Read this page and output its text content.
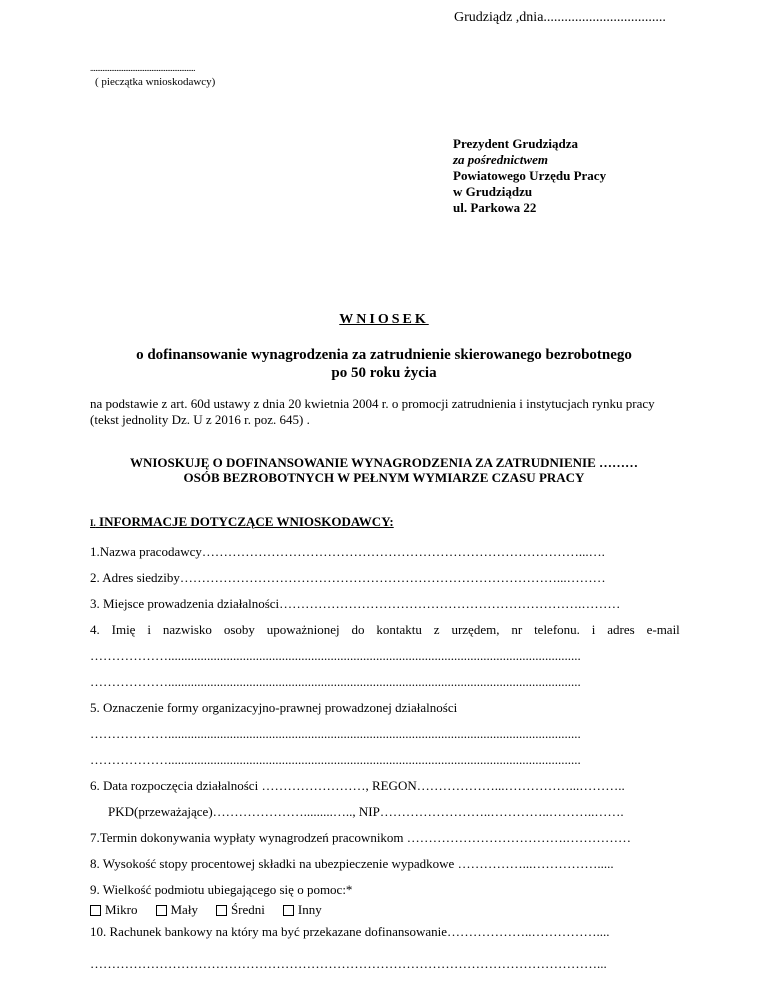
Grudziądz ,dnia...................................
............................................................
( pieczątka wnioskodawcy)
Prezydent Grudziądza
za pośrednictwem
Powiatowego Urzędu Pracy
w Grudziądzu
ul. Parkowa 22
WNIOSEK
o dofinansowanie wynagrodzenia za zatrudnienie skierowanego bezrobotnego
po 50 roku życia
na podstawie z art. 60d ustawy z dnia 20 kwietnia 2004 r. o promocji zatrudnienia i instytucjach rynku pracy (tekst jednolity Dz. U z 2016 r. poz. 645) .
WNIOSKUJĘ O DOFINANSOWANIE WYNAGRODZENIA ZA ZATRUDNIENIE ………
OSÓB BEZROBOTNYCH W PEŁNYM WYMIARZE CZASU PRACY
I. INFORMACJE DOTYCZĄCE WNIOSKODAWCY:
1.Nazwa pracodawcy……………………………………………………………………………...….
2. Adres siedziby……………………………………………………………………………...………
3. Miejsce prowadzenia działalności…………………………………………………………….………
4. Imię i nazwisko osoby upoważnionej do kontaktu z urzędem, nr telefonu. i adres e-mail
………………...............................................................................................................................
………………...............................................................................................................................
5. Oznaczenie formy organizacyjno-prawnej prowadzonej działalności
………………...............................................................................................................................
………………...............................................................................................................................
6. Data rozpoczęcia działalności ……………………, REGON………………...……………...………..
PKD(przeważające)………………….........….., NIP……………………..…………..………..…….
7.Termin dokonywania wypłaty wynagrodzeń pracownikom ……………………………….……………
8. Wysokość stopy procentowej składki na ubezpieczenie wypadkowe ……………...…………….....
9. Wielkość podmiotu ubiegającego się o pomoc:*
Mikro	Mały	Średni	Inny
10. Rachunek bankowy na który ma być przekazane dofinansowanie………………..……………....
………………………………………………………………………………………………………...
